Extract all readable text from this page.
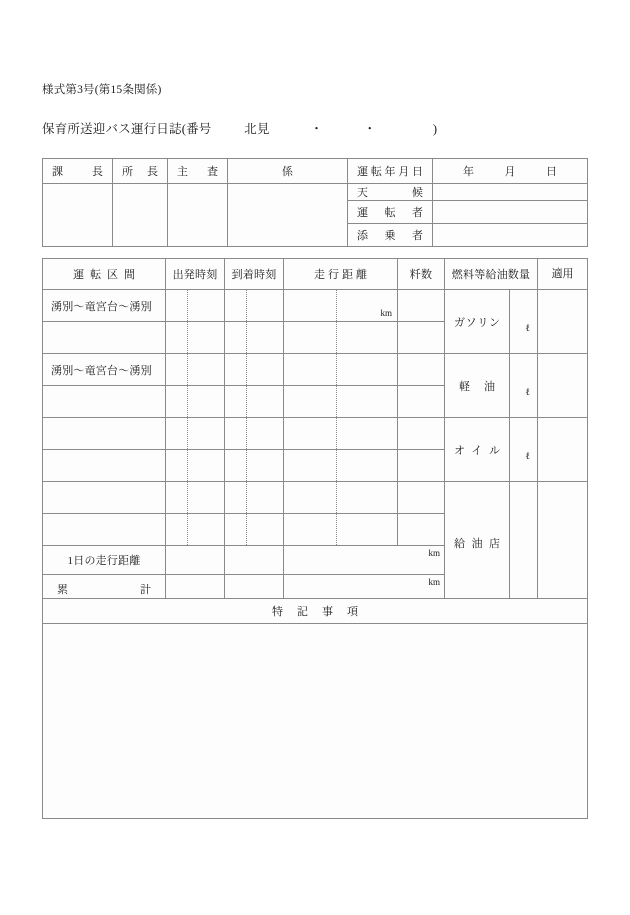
様式第3号(第15条関係)
保育所送迎バス運行日誌(番号	北見	・	・	)
課長	所長	主査	係	運転年月日	年月日

				天候	

				運転者	

				添乗者	

運転区間	出発時刻	到着時刻	走行距離	粁数	燃料等給油数量		適用

湧別～竜宮台～湧別			km		ガソリン	ℓ	

湧別～竜宮台～湧別					軽油	ℓ	

					オイル	ℓ	

					給油店		

1日の走行距離			km				

累計			km				
特記事項
